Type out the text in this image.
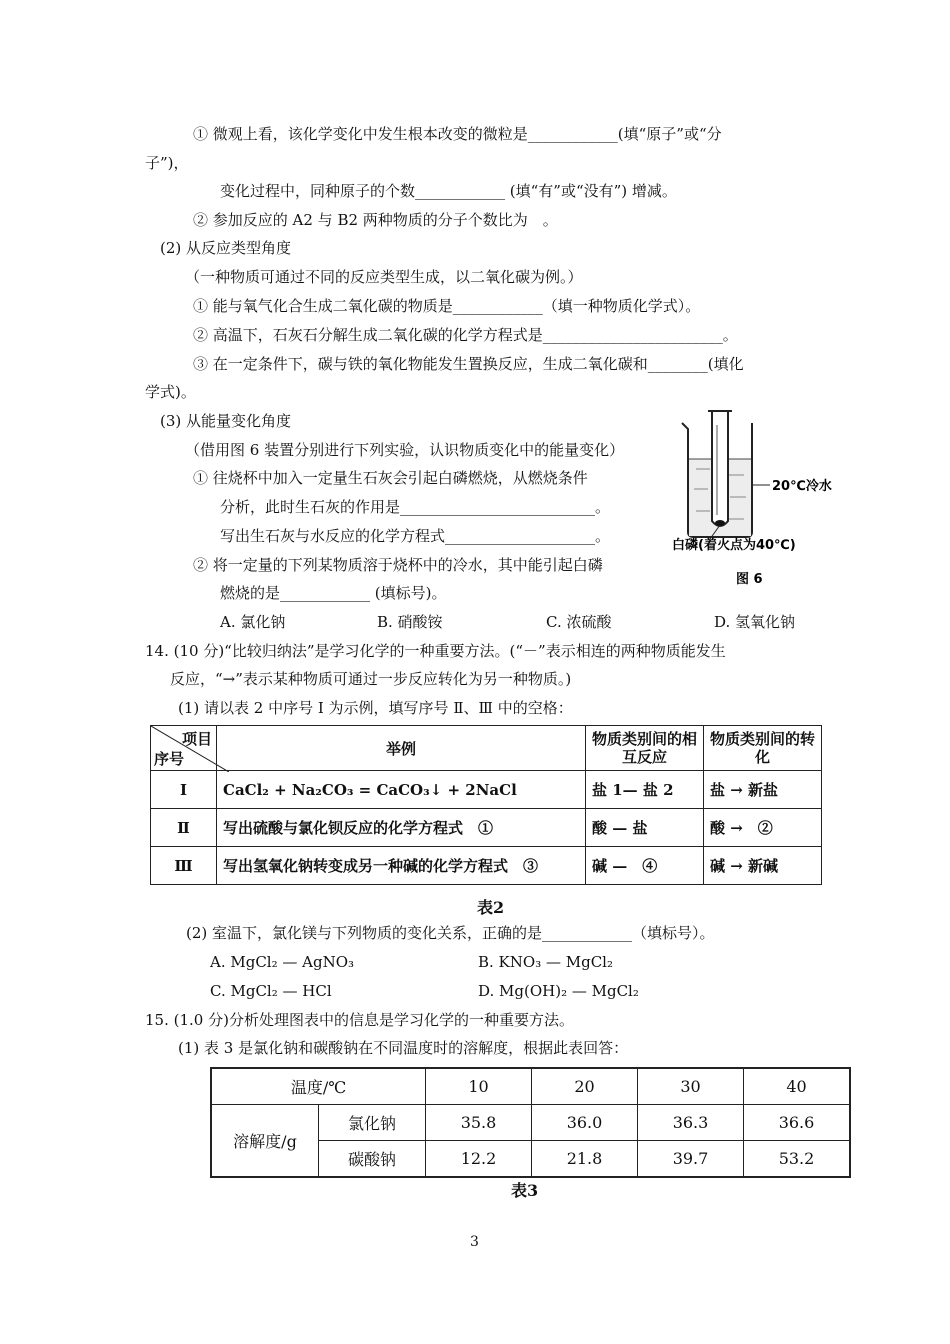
① 微观上看，该化学变化中发生根本改变的微粒是____________(填“原子”或“分
子”)，
变化过程中，同种原子的个数____________ (填“有”或“没有”) 增减。
② 参加反应的 A2 与 B2 两种物质的分子个数比为　。
(2) 从反应类型角度
（一种物质可通过不同的反应类型生成，以二氧化碳为例。）
① 能与氧气化合生成二氧化碳的物质是____________（填一种物质化学式）。
② 高温下，石灰石分解生成二氧化碳的化学方程式是________________________。
③ 在一定条件下，碳与铁的氧化物能发生置换反应，生成二氧化碳和________(填化
学式)。
(3) 从能量变化角度
（借用图 6 装置分别进行下列实验，认识物质变化中的能量变化）
① 往烧杯中加入一定量生石灰会引起白磷燃烧，从燃烧条件
分析，此时生石灰的作用是__________________________。
写出生石灰与水反应的化学方程式____________________。
② 将一定量的下列某物质溶于烧杯中的冷水，其中能引起白磷
燃烧的是____________ (填标号)。
A. 氯化钠	B. 硝酸铵	C. 浓硫酸	D. 氢氧化钠
20℃冷水
白磷(着火点为40℃)
图 6
14. (10 分)“比较归纳法”是学习化学的一种重要方法。(“－”表示相连的两种物质能发生
反应，“→”表示某种物质可通过一步反应转化为另一种物质。)
(1) 请以表 2 中序号 Ⅰ 为示例，填写序号 Ⅱ、Ⅲ 中的空格：
项目
序号	举例	物质类别间的相互反应	物质类别间的转化
Ⅰ	CaCl₂ + Na₂CO₃ = CaCO₃↓ + 2NaCl	盐 1— 盐 2	盐 → 新盐
Ⅱ	写出硫酸与氯化钡反应的化学方程式　①　	酸 — 盐	酸 →　②　
Ⅲ	写出氢氧化钠转变成另一种碱的化学方程式　③　	碱 —　④　	碱 → 新碱
表2
(2) 室温下，氯化镁与下列物质的变化关系，正确的是____________（填标号）。
A. MgCl₂ — AgNO₃	B. KNO₃ — MgCl₂
C. MgCl₂ — HCl	D. Mg(OH)₂ — MgCl₂
15. (1.0 分)分析处理图表中的信息是学习化学的一种重要方法。
(1) 表 3 是氯化钠和碳酸钠在不同温度时的溶解度，根据此表回答：
温度/℃		10	20	30	40
溶解度/g	氯化钠	35.8	36.0	36.3	36.6
	碳酸钠	12.2	21.8	39.7	53.2
表3
3
